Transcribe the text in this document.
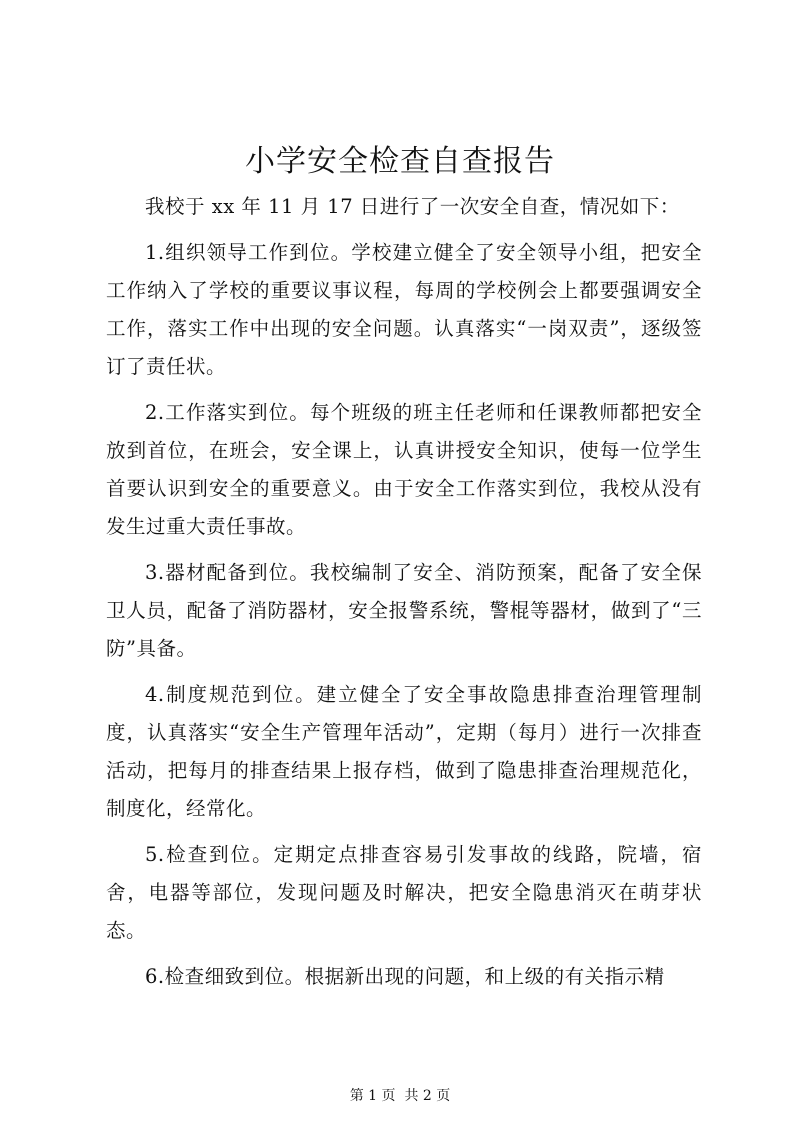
小学安全检查自查报告

我校于 xx 年 11 月 17 日进行了一次安全自查，情况如下：

1.组织领导工作到位。学校建立健全了安全领导小组，把安全工作纳入了学校的重要议事议程，每周的学校例会上都要强调安全工作，落实工作中出现的安全问题。认真落实“一岗双责”，逐级签订了责任状。

2.工作落实到位。每个班级的班主任老师和任课教师都把安全放到首位，在班会，安全课上，认真讲授安全知识，使每一位学生首要认识到安全的重要意义。由于安全工作落实到位，我校从没有发生过重大责任事故。

3.器材配备到位。我校编制了安全、消防预案，配备了安全保卫人员，配备了消防器材，安全报警系统，警棍等器材，做到了“三防”具备。

4.制度规范到位。建立健全了安全事故隐患排查治理管理制度，认真落实“安全生产管理年活动”，定期（每月）进行一次排查活动，把每月的排查结果上报存档，做到了隐患排查治理规范化，制度化，经常化。

5.检查到位。定期定点排查容易引发事故的线路，院墙，宿舍，电器等部位，发现问题及时解决，把安全隐患消灭在萌芽状态。

6.检查细致到位。根据新出现的问题，和上级的有关指示精

第 1 页  共 2 页
